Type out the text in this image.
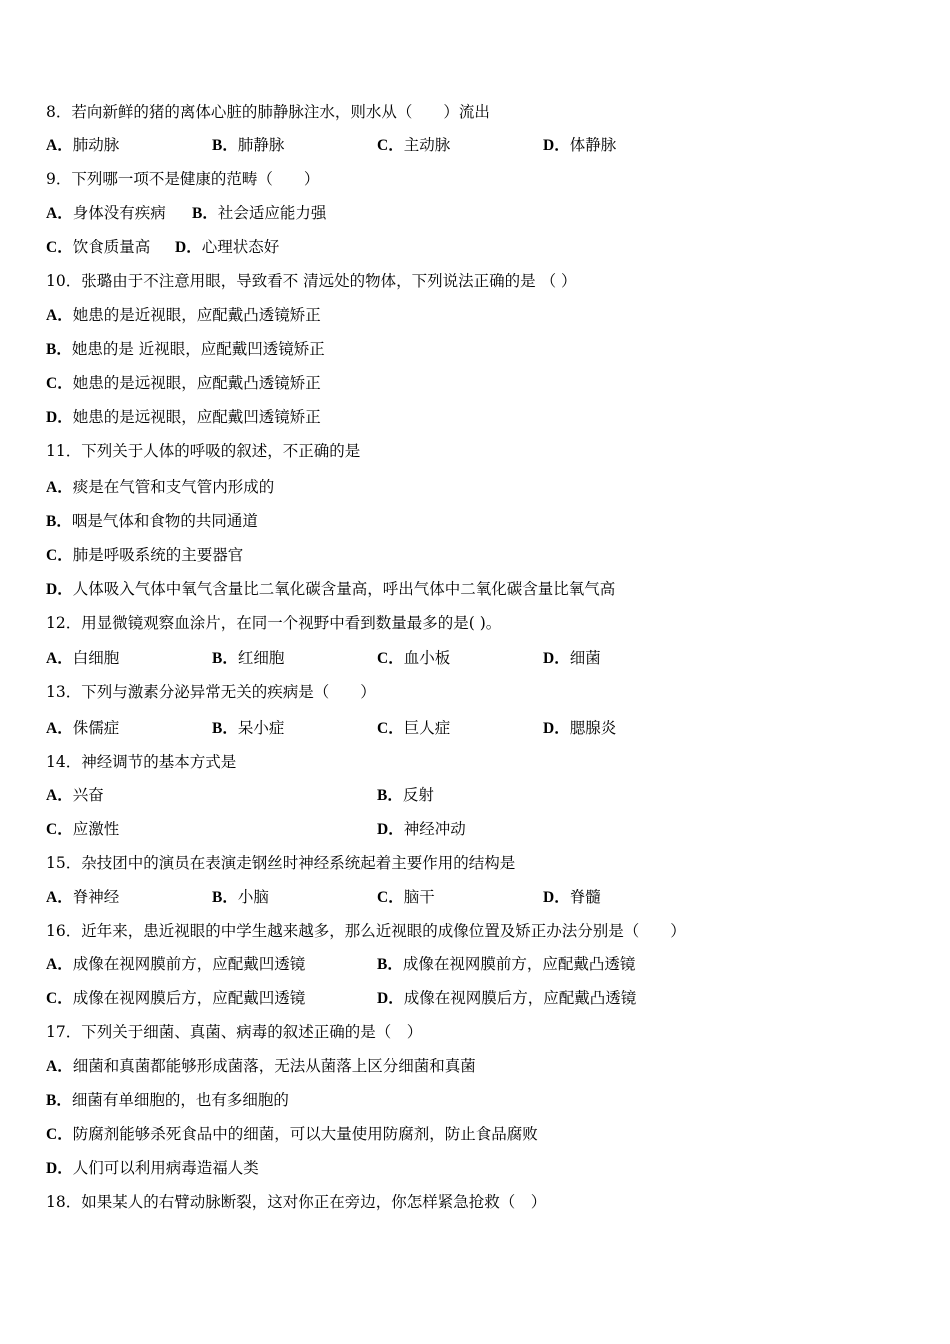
8．若向新鲜的猪的离体心脏的肺静脉注水，则水从（　　）流出
A．肺动脉	B．肺静脉	C．主动脉	D．体静脉
9．下列哪一项不是健康的范畴（　　）
A．身体没有疾病 B．社会适应能力强
C．饮食质量高 D．心理状态好
10．张璐由于不注意用眼，导致看不 清远处的物体，下列说法正确的是 （ ）
A．她患的是近视眼，应配戴凸透镜矫正
B．她患的是 近视眼，应配戴凹透镜矫正
C．她患的是远视眼，应配戴凸透镜矫正
D．她患的是远视眼，应配戴凹透镜矫正
11．下列关于人体的呼吸的叙述，不正确的是
A．痰是在气管和支气管内形成的
B．咽是气体和食物的共同通道
C．肺是呼吸系统的主要器官
D．人体吸入气体中氧气含量比二氧化碳含量高，呼出气体中二氧化碳含量比氧气高
12．用显微镜观察血涂片，在同一个视野中看到数量最多的是( )。
A．白细胞	B．红细胞	C．血小板	D．细菌
13．下列与激素分泌异常无关的疾病是（　　）
A．侏儒症	B．呆小症	C．巨人症	D．腮腺炎
14．神经调节的基本方式是
A．兴奋	B．反射
C．应激性	D．神经冲动
15．杂技团中的演员在表演走钢丝时神经系统起着主要作用的结构是
A．脊神经	B．小脑	C．脑干	D．脊髓
16．近年来，患近视眼的中学生越来越多，那么近视眼的成像位置及矫正办法分别是（　　）
A．成像在视网膜前方，应配戴凹透镜	B．成像在视网膜前方，应配戴凸透镜
C．成像在视网膜后方，应配戴凹透镜	D．成像在视网膜后方，应配戴凸透镜
17．下列关于细菌、真菌、病毒的叙述正确的是（　）
A．细菌和真菌都能够形成菌落，无法从菌落上区分细菌和真菌
B．细菌有单细胞的，也有多细胞的
C．防腐剂能够杀死食品中的细菌，可以大量使用防腐剂，防止食品腐败
D．人们可以利用病毒造福人类
18．如果某人的右臂动脉断裂，这对你正在旁边，你怎样紧急抢救（　）
